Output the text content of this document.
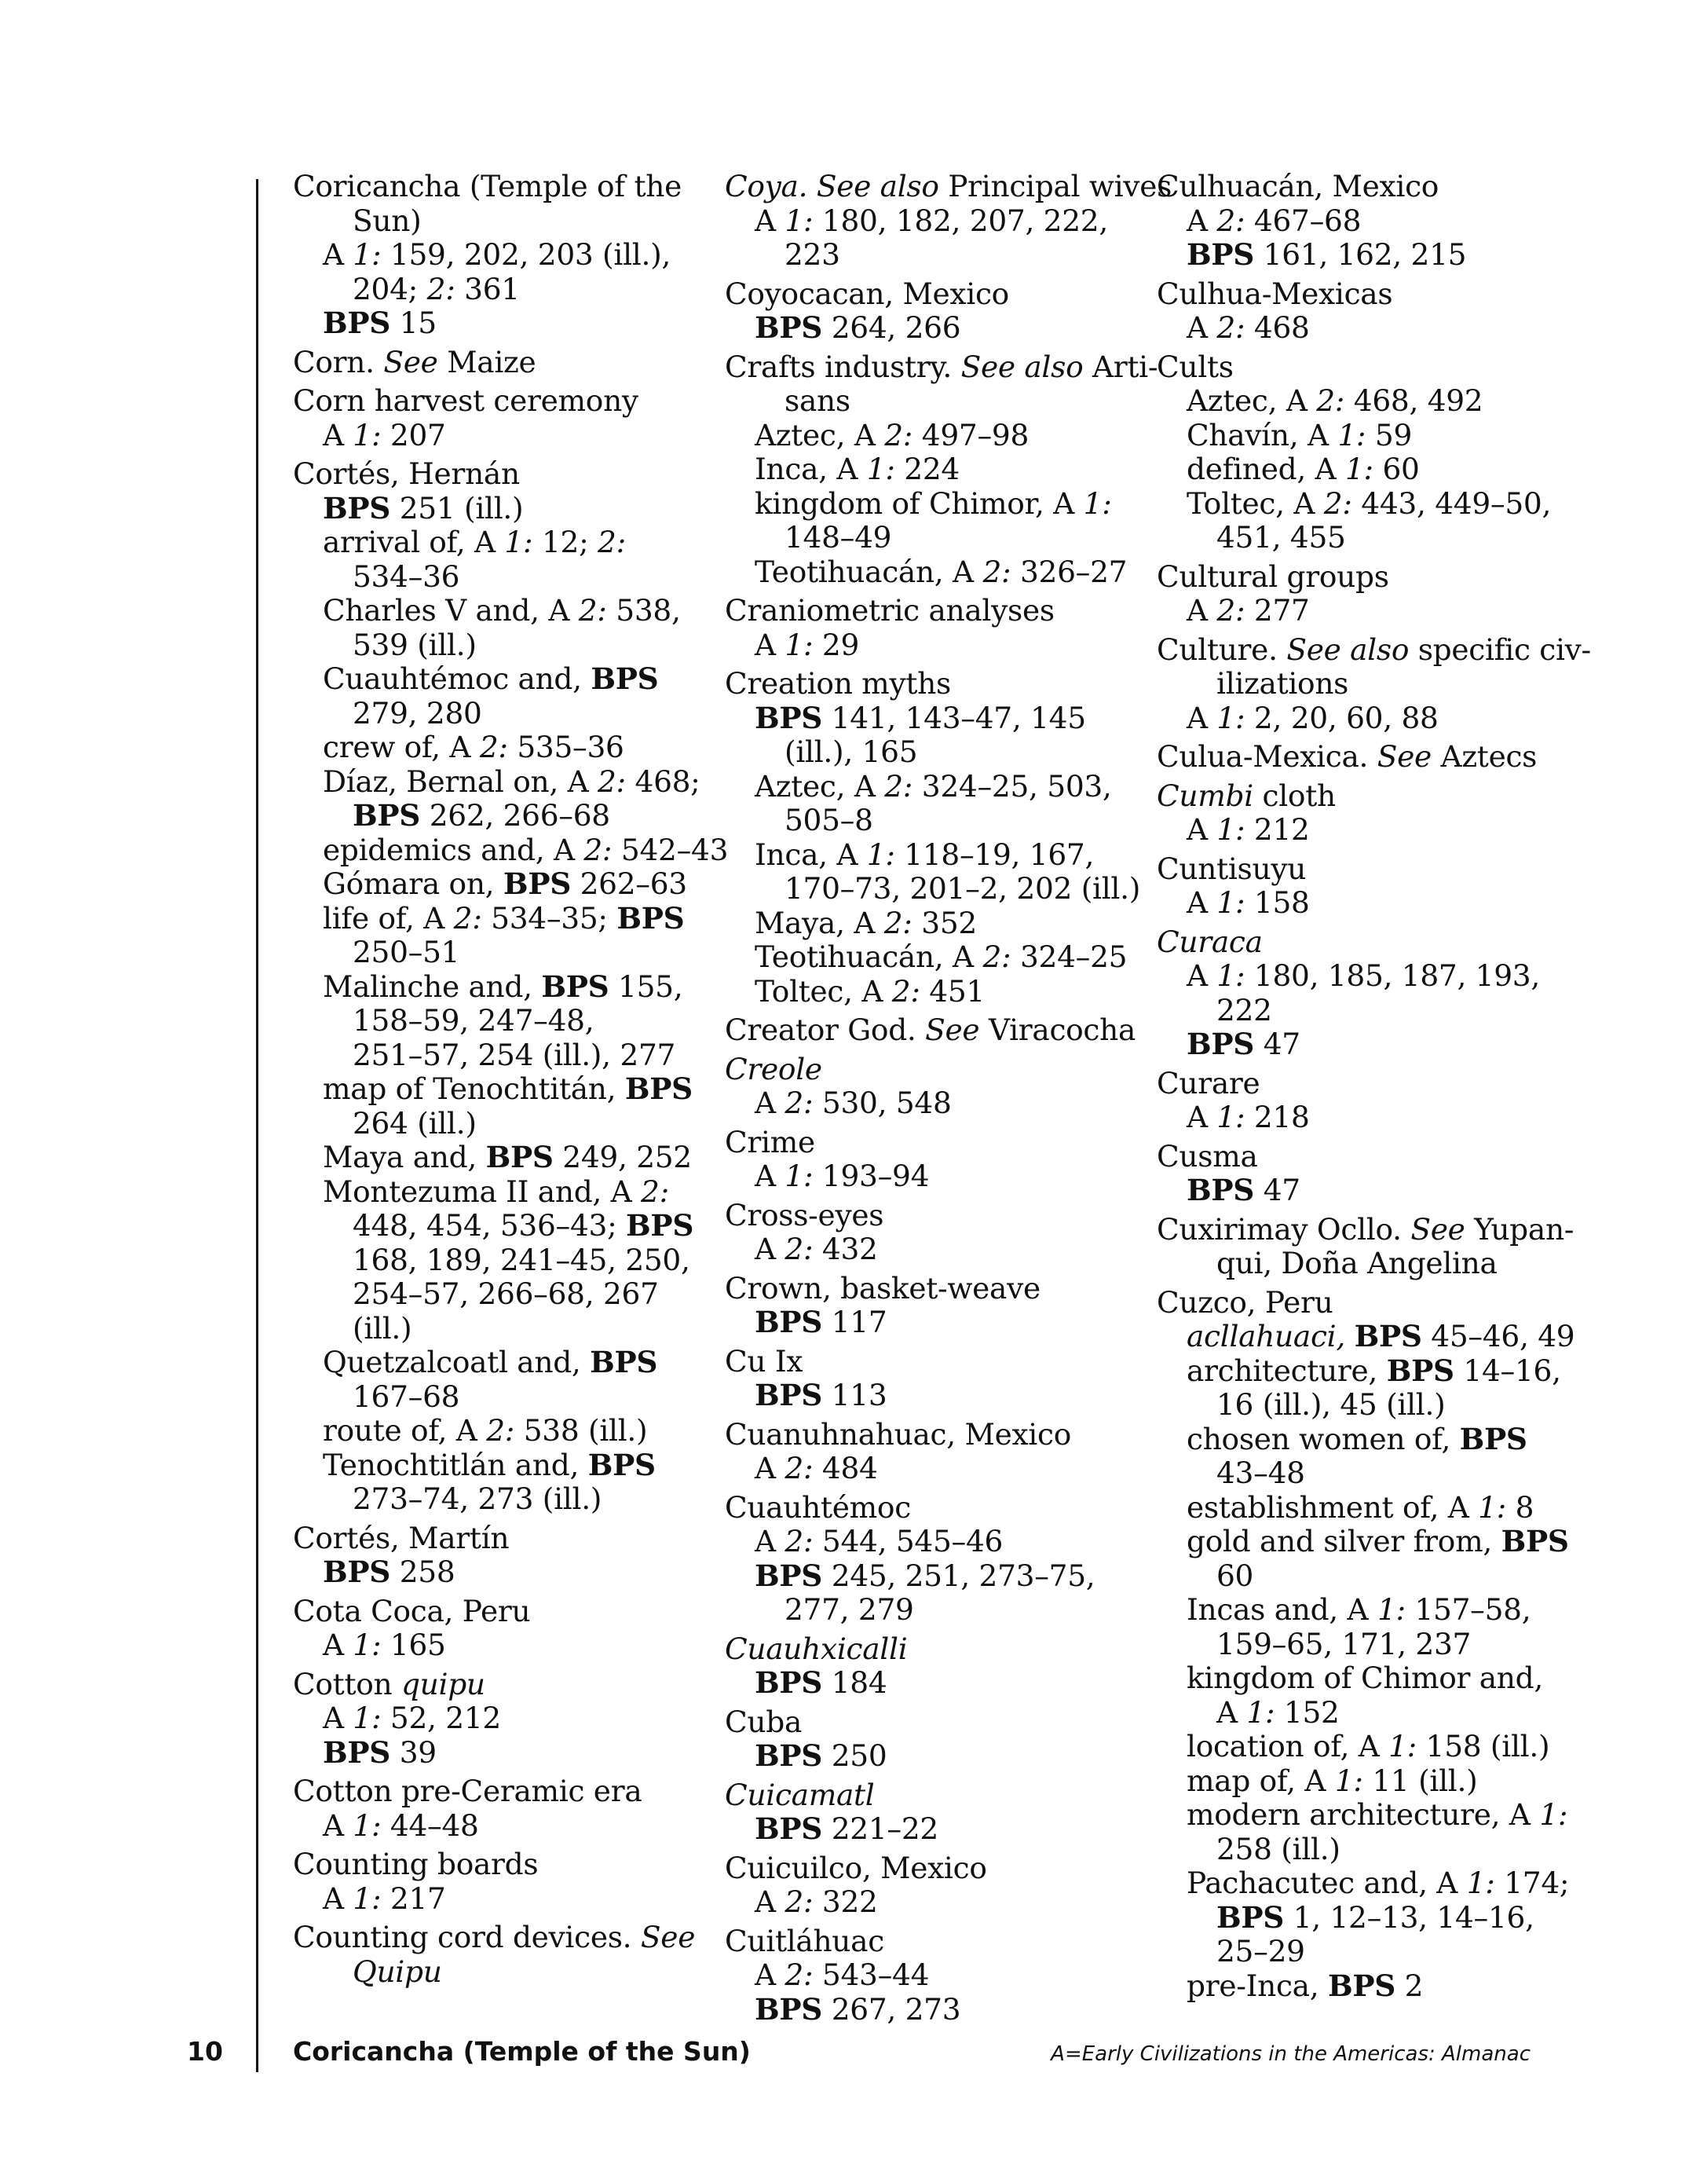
Coricancha (Temple of the
Sun)
A 1: 159, 202, 203 (ill.),
204; 2: 361
BPS 15
Corn. See Maize
Corn harvest ceremony
A 1: 207
Cortés, Hernán
BPS 251 (ill.)
arrival of, A 1: 12; 2:
534–36
Charles V and, A 2: 538,
539 (ill.)
Cuauhtémoc and, BPS
279, 280
crew of, A 2: 535–36
Díaz, Bernal on, A 2: 468;
BPS 262, 266–68
epidemics and, A 2: 542–43
Gómara on, BPS 262–63
life of, A 2: 534–35; BPS
250–51
Malinche and, BPS 155,
158–59, 247–48,
251–57, 254 (ill.), 277
map of Tenochtitán, BPS
264 (ill.)
Maya and, BPS 249, 252
Montezuma II and, A 2:
448, 454, 536–43; BPS
168, 189, 241–45, 250,
254–57, 266–68, 267
(ill.)
Quetzalcoatl and, BPS
167–68
route of, A 2: 538 (ill.)
Tenochtitlán and, BPS
273–74, 273 (ill.)
Cortés, Martín
BPS 258
Cota Coca, Peru
A 1: 165
Cotton quipu
A 1: 52, 212
BPS 39
Cotton pre-Ceramic era
A 1: 44–48
Counting boards
A 1: 217
Counting cord devices. See
Quipu
Coya. See also Principal wives
A 1: 180, 182, 207, 222,
223
Coyocacan, Mexico
BPS 264, 266
Crafts industry. See also Arti-
sans
Aztec, A 2: 497–98
Inca, A 1: 224
kingdom of Chimor, A 1:
148–49
Teotihuacán, A 2: 326–27
Craniometric analyses
A 1: 29
Creation myths
BPS 141, 143–47, 145
(ill.), 165
Aztec, A 2: 324–25, 503,
505–8
Inca, A 1: 118–19, 167,
170–73, 201–2, 202 (ill.)
Maya, A 2: 352
Teotihuacán, A 2: 324–25
Toltec, A 2: 451
Creator God. See Viracocha
Creole
A 2: 530, 548
Crime
A 1: 193–94
Cross-eyes
A 2: 432
Crown, basket-weave
BPS 117
Cu Ix
BPS 113
Cuanuhnahuac, Mexico
A 2: 484
Cuauhtémoc
A 2: 544, 545–46
BPS 245, 251, 273–75,
277, 279
Cuauhxicalli
BPS 184
Cuba
BPS 250
Cuicamatl
BPS 221–22
Cuicuilco, Mexico
A 2: 322
Cuitláhuac
A 2: 543–44
BPS 267, 273
Culhuacán, Mexico
A 2: 467–68
BPS 161, 162, 215
Culhua-Mexicas
A 2: 468
Cults
Aztec, A 2: 468, 492
Chavín, A 1: 59
defined, A 1: 60
Toltec, A 2: 443, 449–50,
451, 455
Cultural groups
A 2: 277
Culture. See also specific civ-
ilizations
A 1: 2, 20, 60, 88
Culua-Mexica. See Aztecs
Cumbi cloth
A 1: 212
Cuntisuyu
A 1: 158
Curaca
A 1: 180, 185, 187, 193,
222
BPS 47
Curare
A 1: 218
Cusma
BPS 47
Cuxirimay Ocllo. See Yupan-
qui, Doña Angelina
Cuzco, Peru
acllahuaci, BPS 45–46, 49
architecture, BPS 14–16,
16 (ill.), 45 (ill.)
chosen women of, BPS
43–48
establishment of, A 1: 8
gold and silver from, BPS
60
Incas and, A 1: 157–58,
159–65, 171, 237
kingdom of Chimor and,
A 1: 152
location of, A 1: 158 (ill.)
map of, A 1: 11 (ill.)
modern architecture, A 1:
258 (ill.)
Pachacutec and, A 1: 174;
BPS 1, 12–13, 14–16,
25–29
pre-Inca, BPS 2
10	Coricancha (Temple of the Sun)	A=Early Civilizations in the Americas: Almanac
